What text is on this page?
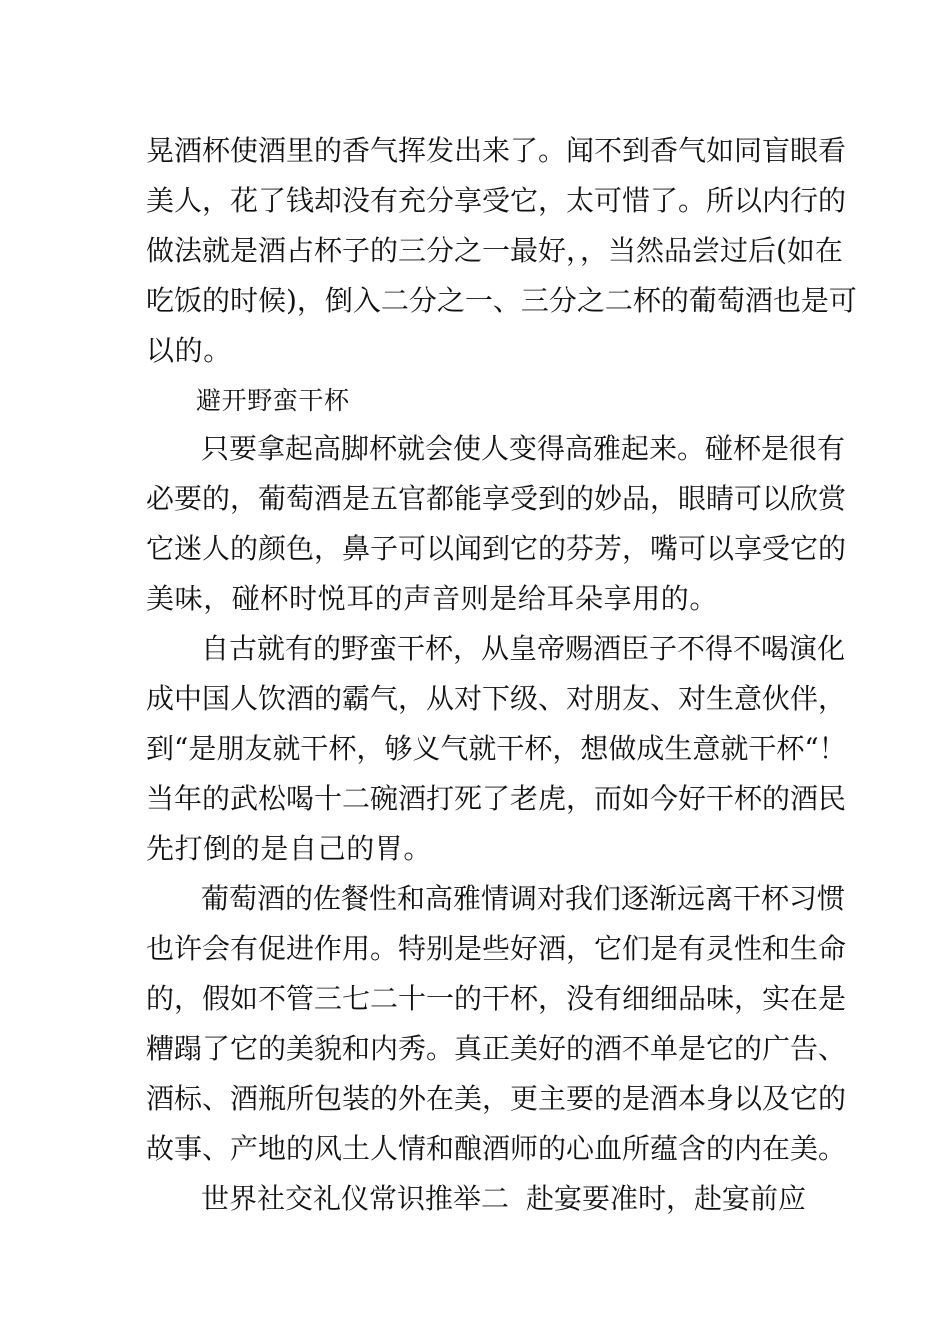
晃酒杯使酒里的香气挥发出来了。闻不到香气如同盲眼看
美人，花了钱却没有充分享受它，太可惜了。所以内行的
做法就是酒占杯子的三分之一最好，，当然品尝过后(如在
吃饭的时候)，倒入二分之一、三分之二杯的葡萄酒也是可
以的。
避开野蛮干杯
只要拿起高脚杯就会使人变得高雅起来。碰杯是很有
必要的，葡萄酒是五官都能享受到的妙品，眼睛可以欣赏
它迷人的颜色，鼻子可以闻到它的芬芳，嘴可以享受它的
美味，碰杯时悦耳的声音则是给耳朵享用的。
自古就有的野蛮干杯，从皇帝赐酒臣子不得不喝演化
成中国人饮酒的霸气，从对下级、对朋友、对生意伙伴，
到“是朋友就干杯，够义气就干杯，想做成生意就干杯“！
当年的武松喝十二碗酒打死了老虎，而如今好干杯的酒民
先打倒的是自己的胃。
葡萄酒的佐餐性和高雅情调对我们逐渐远离干杯习惯
也许会有促进作用。特别是些好酒，它们是有灵性和生命
的，假如不管三七二十一的干杯，没有细细品味，实在是
糟蹋了它的美貌和内秀。真正美好的酒不单是它的广告、
酒标、酒瓶所包装的外在美，更主要的是酒本身以及它的
故事、产地的风土人情和酿酒师的心血所蕴含的内在美。
世界社交礼仪常识推举二 赴宴要准时，赴宴前应
